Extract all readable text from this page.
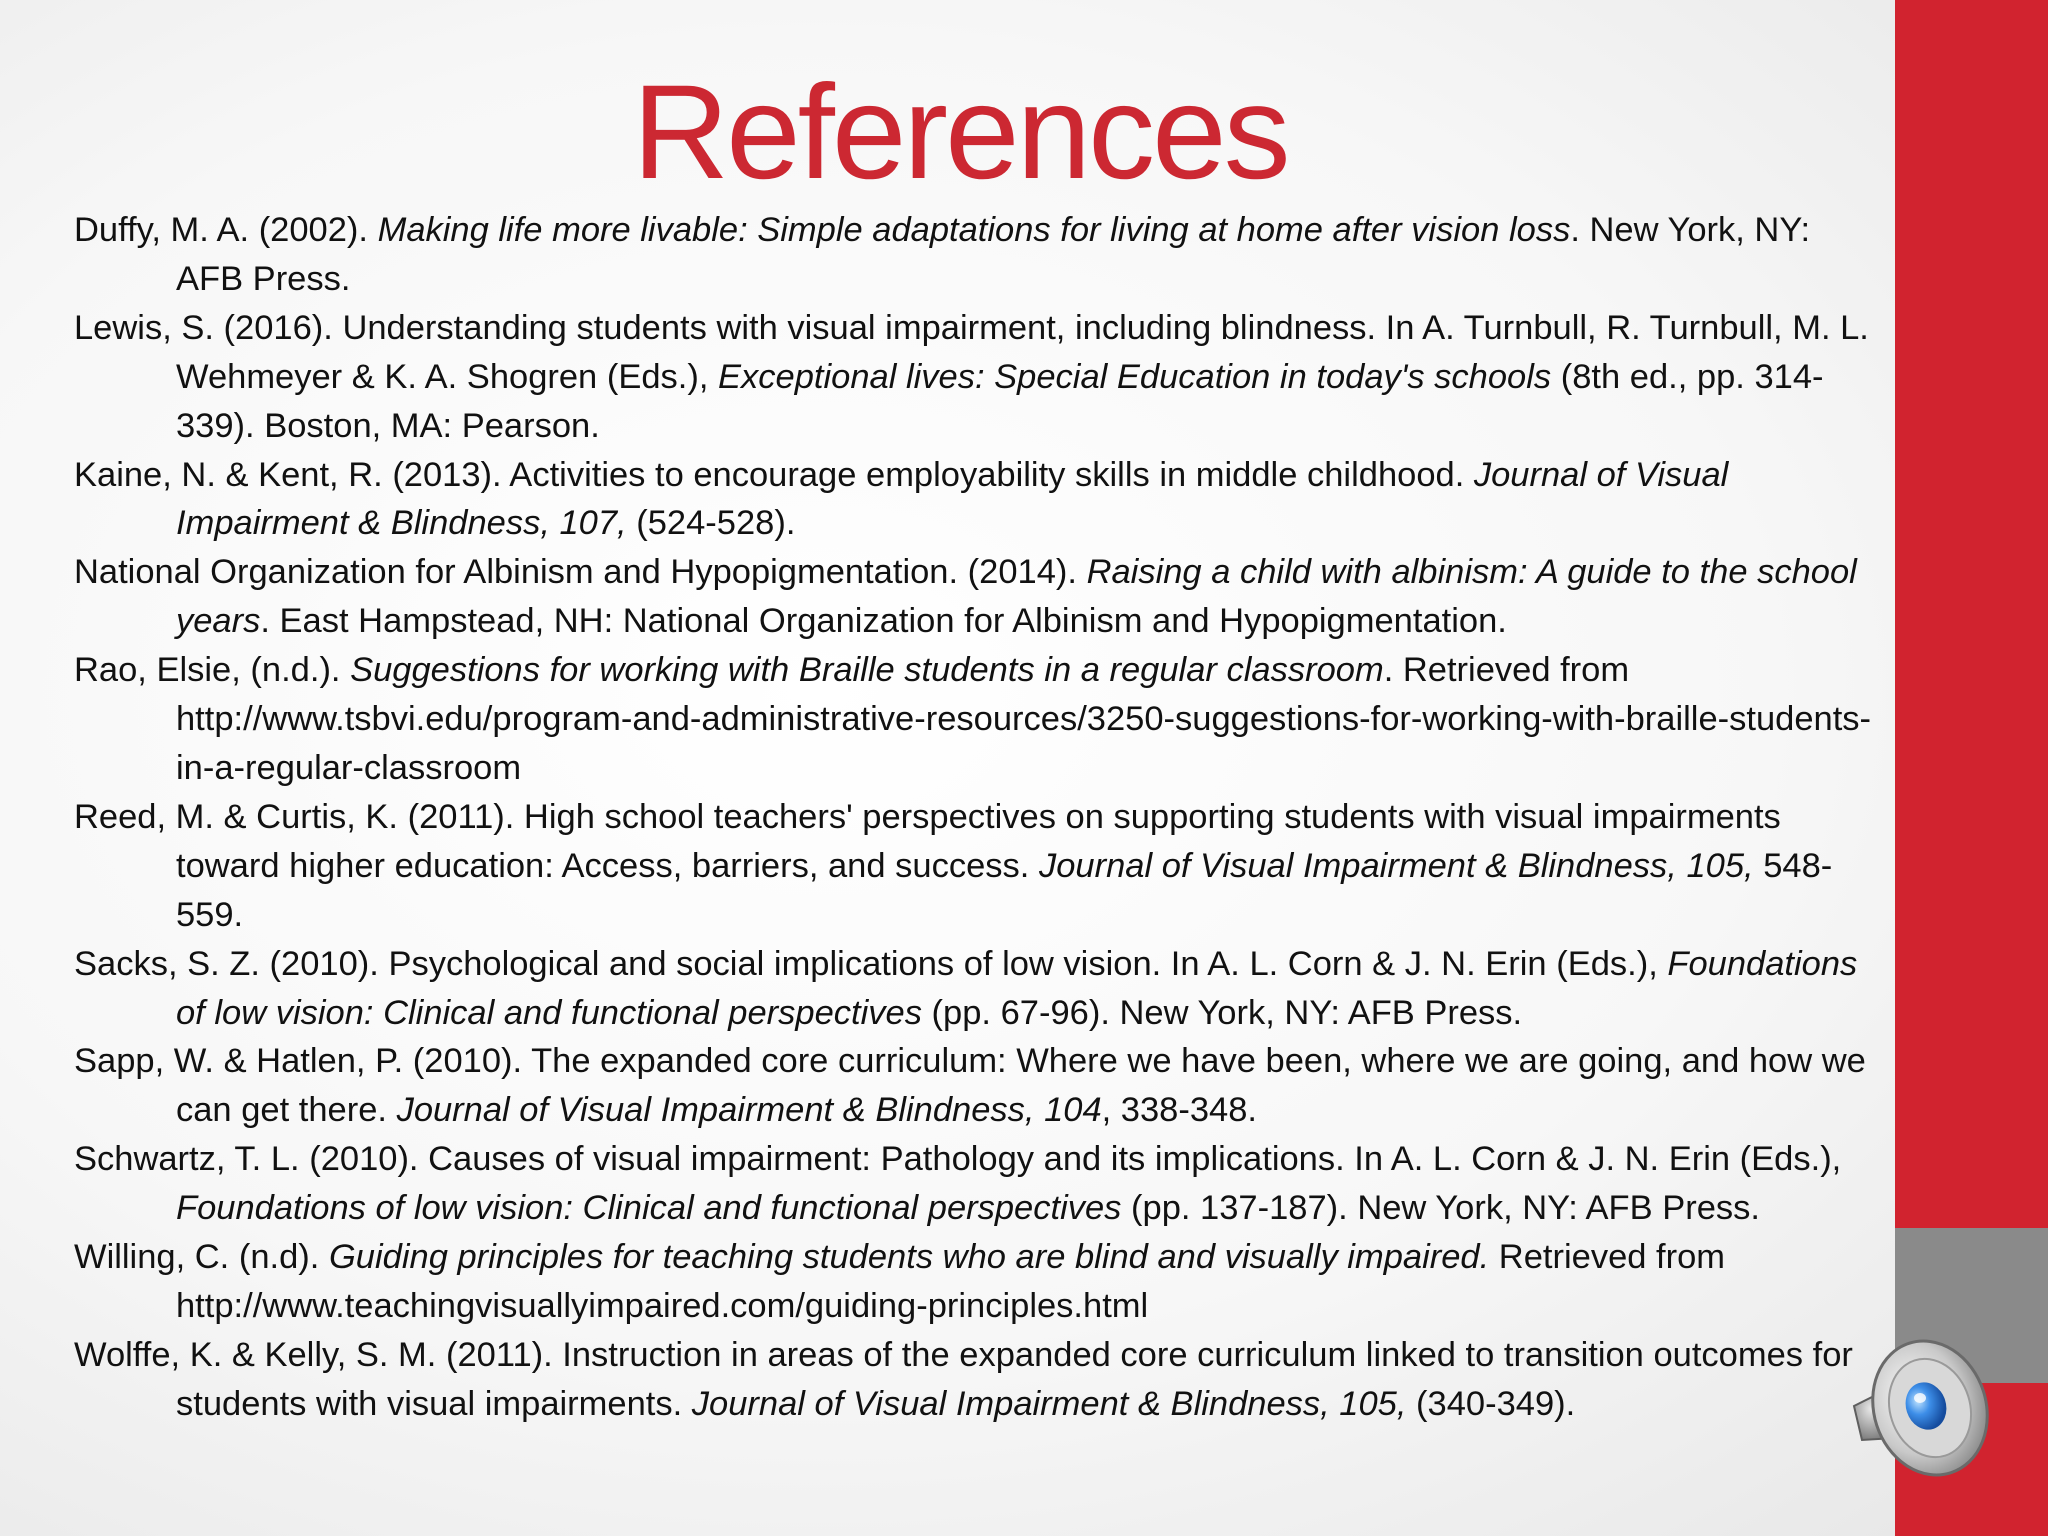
References

Duffy, M. A. (2002). Making life more livable: Simple adaptations for living at home after vision loss. New York, NY: AFB Press.

Lewis, S. (2016). Understanding students with visual impairment, including blindness. In A. Turnbull, R. Turnbull, M. L. Wehmeyer & K. A. Shogren (Eds.), Exceptional lives: Special Education in today's schools (8th ed., pp. 314-339). Boston, MA: Pearson.

Kaine, N. & Kent, R. (2013). Activities to encourage employability skills in middle childhood. Journal of Visual Impairment & Blindness, 107, (524-528).

National Organization for Albinism and Hypopigmentation. (2014). Raising a child with albinism: A guide to the school years. East Hampstead, NH: National Organization for Albinism and Hypopigmentation.

Rao, Elsie, (n.d.). Suggestions for working with Braille students in a regular classroom. Retrieved from http://www.tsbvi.edu/program-and-administrative-resources/3250-suggestions-for-working-with-braille-students-in-a-regular-classroom

Reed, M. & Curtis, K. (2011). High school teachers' perspectives on supporting students with visual impairments toward higher education: Access, barriers, and success. Journal of Visual Impairment & Blindness, 105, 548-559.

Sacks, S. Z. (2010). Psychological and social implications of low vision. In A. L. Corn & J. N. Erin (Eds.), Foundations of low vision: Clinical and functional perspectives (pp. 67-96). New York, NY: AFB Press.

Sapp, W. & Hatlen, P. (2010). The expanded core curriculum: Where we have been, where we are going, and how we can get there. Journal of Visual Impairment & Blindness, 104, 338-348.

Schwartz, T. L. (2010). Causes of visual impairment: Pathology and its implications. In A. L. Corn & J. N. Erin (Eds.), Foundations of low vision: Clinical and functional perspectives (pp. 137-187). New York, NY: AFB Press.

Willing, C. (n.d). Guiding principles for teaching students who are blind and visually impaired. Retrieved from http://www.teachingvisuallyimpaired.com/guiding-principles.html

Wolffe, K. & Kelly, S. M. (2011). Instruction in areas of the expanded core curriculum linked to transition outcomes for students with visual impairments. Journal of Visual Impairment & Blindness, 105, (340-349).
